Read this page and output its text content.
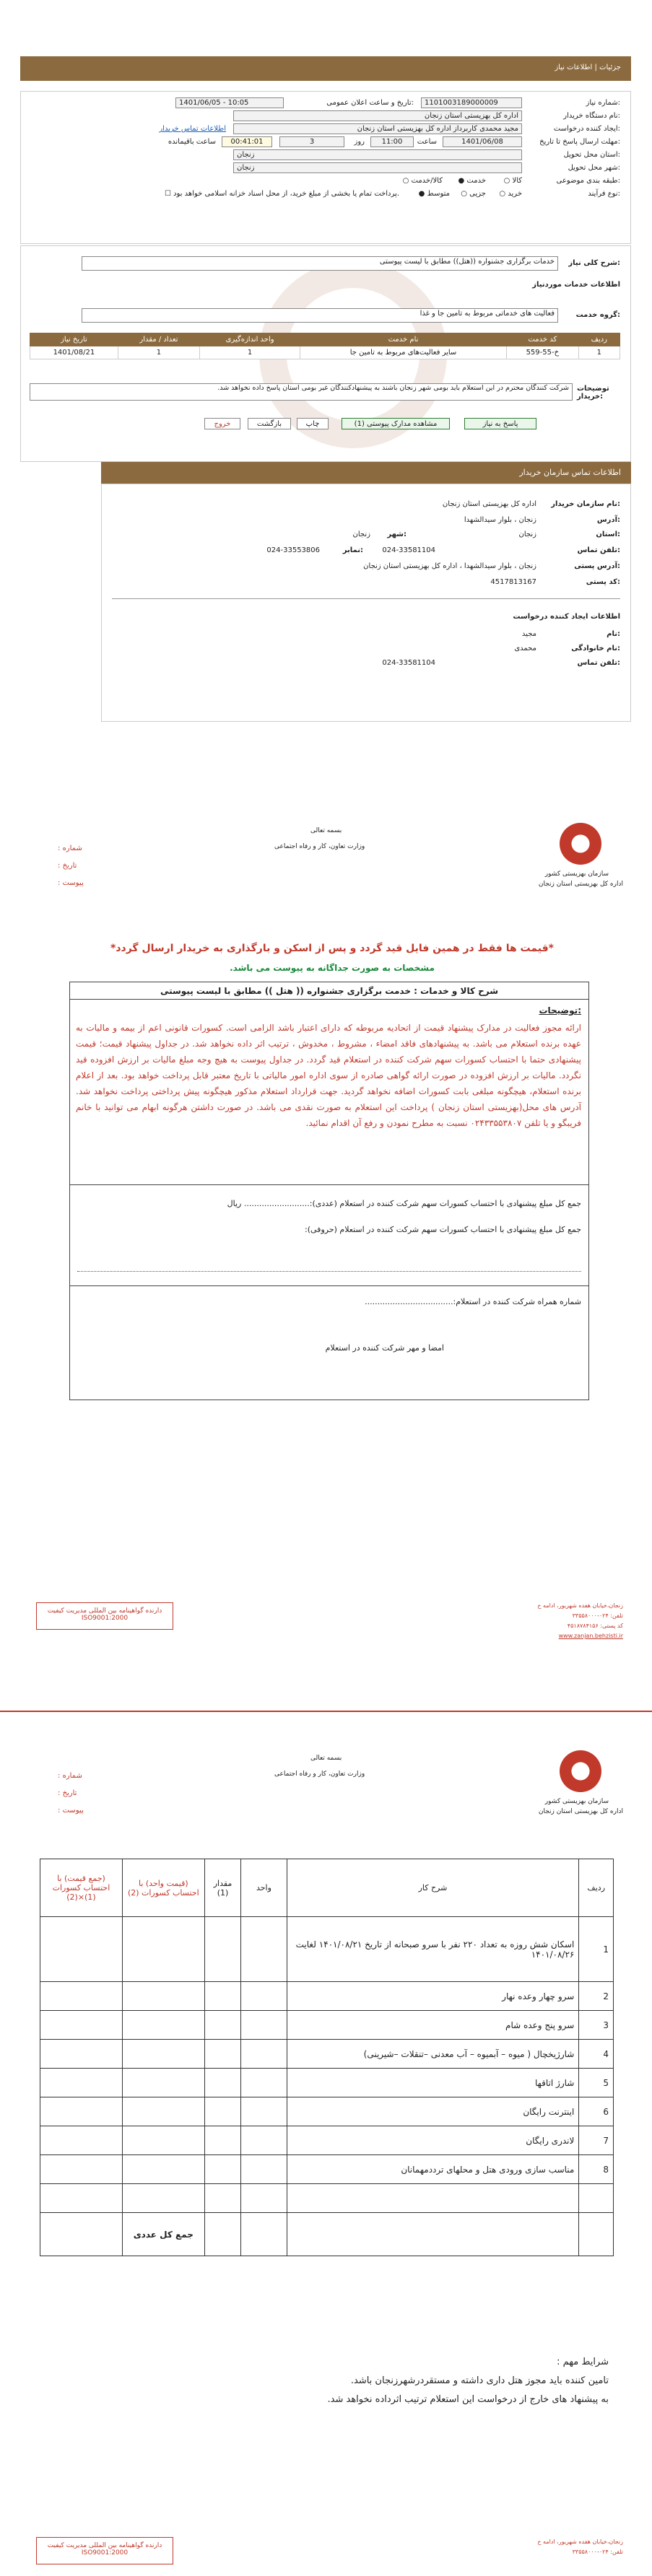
جزئیات | اطلاعات نیاز
شماره نیاز:
1101003189000009
تاریخ و ساعت اعلان عمومی:
1401/06/05 - 10:05
نام دستگاه خریدار:
اداره کل بهزیستی استان زنجان
ایجاد کننده درخواست:
مجید محمدی کاربرداز اداره کل بهزیستی استان زنجان
اطلاعات تماس خریدار
مهلت ارسال پاسخ تا تاریخ:
1401/06/08
ساعت
11:00
روز
3
00:41:01
ساعت باقیمانده
استان محل تحویل:
زنجان
شهر محل تحویل:
زنجان
طبقه بندی موضوعی:
○ کالا
● خدمت
○ کالا/خدمت
نوع فرآیند:
○ خرید
○ جزیی
● متوسط
☐ پرداخت تمام یا بخشی از مبلغ خرید، از محل اسناد خزانه اسلامی خواهد بود.
شرح کلی نیاز:
خدمات برگزاری جشنواره ((هتل)) مطابق با لیست پیوستی
اطلاعات خدمات موردنیاز
گروه خدمت:
فعالیت های خدماتی مربوط به تامین جا و غذا
ردیف	کد خدمت	نام خدمت	واحد اندازه‌گیری	تعداد / مقدار	تاریخ نیاز
1	خ-55-559	سایر فعالیت‌های مربوط به تامین جا	1	1	1401/08/21
توضیحات خریدار:
شرکت کنندگان محترم در این استعلام باید بومی شهر زنجان باشند به پیشنهادکنندگان غیر بومی استان پاسخ داده نخواهد شد.
پاسخ به نیاز
مشاهده مدارک پیوستی (1)
چاپ
بازگشت
خروج
اطلاعات تماس سازمان خریدار
نام سازمان خریدار:
اداره کل بهزیستی استان زنجان
آدرس:
زنجان ، بلوار سیدالشهدا
استان:
زنجان
شهر:
زنجان
تلفن تماس:
024-33581104
نمابر:
024-33553806
آدرس پستی:
زنجان ، بلوار سیدالشهدا ، اداره کل بهزیستی استان زنجان
کد پستی:
4517813167
اطلاعات ایجاد کننده درخواست
نام:
مجید
نام خانوادگی:
محمدی
تلفن تماس:
024-33581104
سازمان بهزیستی کشور
اداره کل بهزیستی استان زنجان
بسمه تعالی
وزارت تعاون، کار و رفاه اجتماعی
: شماره
: تاریخ
: پیوست
*قیمت ها فقط در همین فایل قید گردد و پس از اسکن و بارگذاری به خریدار ارسال گردد*
مشخصات به صورت جداگانه به پیوست می باشد.
شرح کالا و خدمات : خدمت برگزاری جشنواره (( هتل )) مطابق با لیست پیوستی
توضیحات:
ارائه مجوز فعالیت در مدارک پیشنهاد قیمت از اتحادیه مربوطه که دارای اعتبار باشد الزامی است. کسورات قانونی اعم از بیمه و مالیات به عهده برنده استعلام می باشد. به پیشنهادهای فاقد امضاء ، مشروط ، مخدوش ، ترتیب اثر داده نخواهد شد. در جداول پیشنهاد قیمت؛ قیمت پیشنهادی حتما با احتساب کسورات سهم شرکت کننده در استعلام قید گردد. در جداول پیوست به هیچ وجه مبلغ مالیات بر ارزش افزوده قید نگردد. مالیات بر ارزش افزوده در صورت ارائه گواهی صادره از سوی اداره امور مالیاتی با تاریخ معتبر قابل پرداخت خواهد بود. بعد از اعلام برنده استعلام، هیچگونه مبلغی بابت کسورات اضافه نخواهد گردید. جهت قرارداد استعلام مذکور هیچگونه پیش پرداختی پرداخت نخواهد شد. آدرس های محل(بهزیستی استان زنجان ) پرداخت این استعلام به صورت نقدی می باشد. در صورت داشتن هرگونه ابهام می توانید با خانم فریبگو و یا تلفن ۰۲۴۳۳۵۵۳۸۰۷ نسبت به مطرح نمودن و رفع آن اقدام نمائید.
جمع کل مبلغ پیشنهادی با احتساب کسورات سهم شرکت کننده در استعلام (عددی):.......................... ریال
جمع کل مبلغ پیشنهادی با احتساب کسورات سهم شرکت کننده در استعلام (حروفی):
شماره همراه شرکت کننده در استعلام:...................................
امضا و مهر شرکت کننده در استعلام
دارنده گواهینامه بین المللی مدیریت کیفیت
ISO9001:2000
زنجان،خیابان هفده شهریور، ادامه خ
تلفن: ۰۲۴-۳۳۵۵۸۰۰۰
کد پستی: ۴۵۱۸۷۸۴۱۵۶
www.zanjan.behzisti.ir
سازمان بهزیستی کشور
اداره کل بهزیستی استان زنجان
بسمه تعالی
وزارت تعاون، کار و رفاه اجتماعی
: شماره
: تاریخ
: پیوست
ردیف	شرح کار	واحد	مقدار (1)	(قیمت واحد) با احتساب کسورات (2)	(جمع قیمت) با احتساب کسورات (1)×(2)
1	اسکان شش روزه به تعداد ۲۲۰ نفر با سرو صبحانه از تاریخ ۱۴۰۱/۰۸/۲۱ لغایت ۱۴۰۱/۰۸/۲۶				
2	سرو چهار وعده نهار				
3	سرو پنج وعده شام				
4	شارژیخچال ( میوه – آبمیوه – آب معدنی –تنقلات –شیرینی)				
5	شارژ اتاقها				
6	اینترنت رایگان				
7	لاندری رایگان				
8	مناسب سازی ورودی هتل و محلهای ترددمهمانان				

				جمع کل عددی	
شرایط مهم :
تامین کننده باید مجوز هتل داری داشته و مستقردرشهرزنجان باشد.
به پیشنهاد های خارج از درخواست این استعلام ترتیب اثرداده نخواهد شد.
دارنده گواهینامه بین المللی مدیریت کیفیت
ISO9001:2000
زنجان،خیابان هفده شهریور، ادامه خ
تلفن: ۰۲۴-۳۳۵۵۸۰۰۰
